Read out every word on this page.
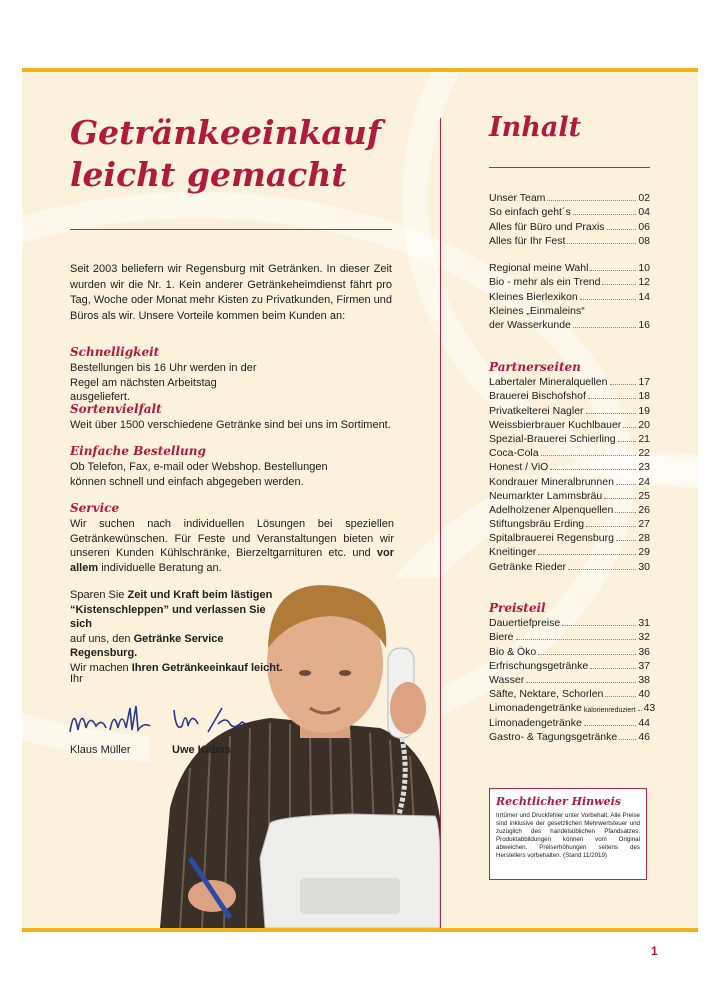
Getränkeeinkauf
leicht gemacht

Seit 2003 beliefern wir Regensburg mit Getränken. In dieser Zeit wurden wir die Nr. 1. Kein anderer Getränkeheimdienst fährt pro Tag, Woche oder Monat mehr Kisten zu Privatkunden, Firmen und Büros als wir. Unsere Vorteile kommen beim Kunden an:

Schnelligkeit
Bestellungen bis 16 Uhr werden in der Regel am nächsten Arbeitstag ausgeliefert.
Sortenvielfalt
Weit über 1500 verschiedene Getränke sind bei uns im Sortiment.
Einfache Bestellung
Ob Telefon, Fax, e-mail oder Webshop. Bestellungen können schnell und einfach abgegeben werden.
Service
Wir suchen nach individuellen Lösungen bei speziellen Getränkewünschen. Für Feste und Veranstaltungen bieten wir unseren Kunden Kühlschränke, Bierzeltgarnituren etc. und vor allem individuelle Beratung an.
Sparen Sie Zeit und Kraft beim lästigen
“Kistenschleppen” und verlassen Sie sich
auf uns, den Getränke Service Regensburg.
Wir machen Ihren Getränkeeinkauf leicht.
Ihr
Klaus Müller	Uwe Kabas
Inhalt
Unser Team	02
So einfach geht´s	04
Alles für Büro und Praxis	06
Alles für Ihr Fest	08
Regional meine Wahl	10
Bio - mehr als ein Trend	12
Kleines Bierlexikon	14
Kleines „Einmaleins“
der Wasserkunde	16
Partnerseiten
Labertaler Mineralquellen	17
Brauerei Bischofshof	18
Privatkelterei Nagler	19
Weissbierbrauer Kuchlbauer 20
Spezial-Brauerei Schierling 21
Coca-Cola	22
Honest / ViO	23
Kondrauer Mineralbrunnen 24
Neumarkter Lammsbräu	25
Adelholzener Alpenquellen 26
Stiftungsbräu Erding	27
Spitalbrauerei Regensburg 28
Kneitinger	29
Getränke Rieder	30
Preisteil
Dauertiefpreise	31
Biere	32
Bio & Öko	36
Erfrischungsgetränke	37
Wasser	38
Säfte, Nektare, Schorlen	40
Limonadengetränke kalorienreduziert 43
Limonadengetränke	44
Gastro- & Tagungsgetränke 46
Rechtlicher Hinweis

Irrtümer und Druckfehler unter Vorbehalt. Alle Preise sind inklusive der gesetzlichen Mehrwertsteuer und zuzüglich des handelsüblichen Pfandsatzes. Produktabbildungen können vom Original abweichen. Preiserhöhungen seitens des Herstellers vorbehalten. (Stand 11/2019)

1
